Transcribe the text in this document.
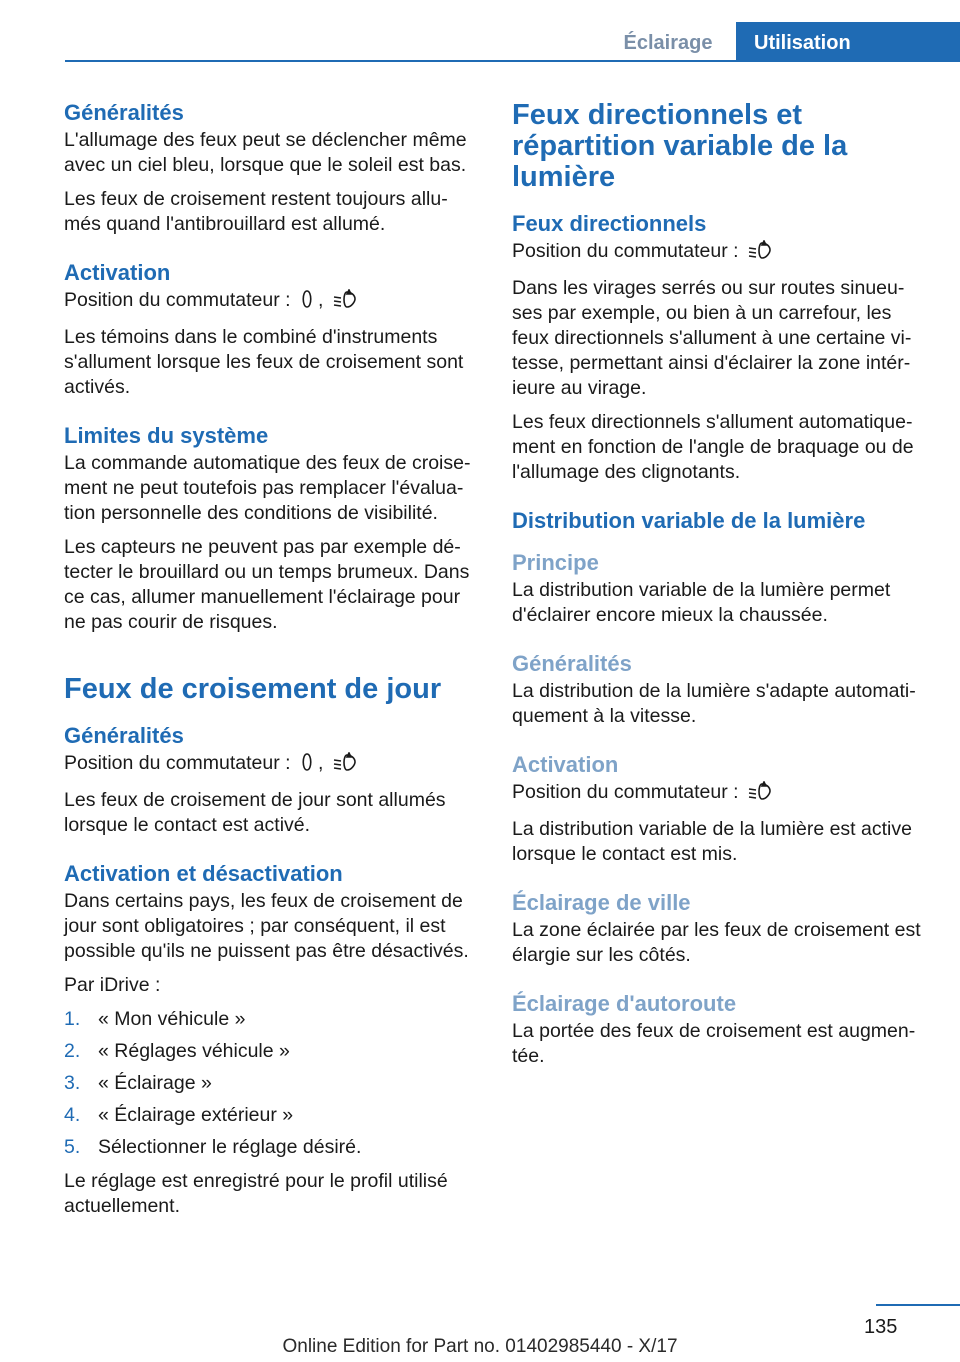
Éclairage	Utilisation
Généralités

L'allumage des feux peut se déclencher même avec un ciel bleu, lorsque que le soleil est bas.

Les feux de croisement restent toujours allu‐ més quand l'antibrouillard est allumé.

Activation

Position du commutateur : ,

Les témoins dans le combiné d'instruments s'allument lorsque les feux de croisement sont activés.

Limites du système

La commande automatique des feux de croise‐ ment ne peut toutefois pas remplacer l'évalua‐ tion personnelle des conditions de visibilité.

Les capteurs ne peuvent pas par exemple dé‐ tecter le brouillard ou un temps brumeux. Dans ce cas, allumer manuellement l'éclairage pour ne pas courir de risques.

Feux de croisement de jour
Généralités

Position du commutateur : ,

Les feux de croisement de jour sont allumés lorsque le contact est activé.

Activation et désactivation

Dans certains pays, les feux de croisement de jour sont obligatoires ; par conséquent, il est possible qu'ils ne puissent pas être désactivés.

Par iDrive :

1. « Mon véhicule »
2. « Réglages véhicule »
3. « Éclairage »
4. « Éclairage extérieur »
5. Sélectionner le réglage désiré.

Le réglage est enregistré pour le profil utilisé actuellement.

Feux directionnels et répartition variable de la lumière
Feux directionnels

Position du commutateur :

Dans les virages serrés ou sur routes sinueu‐ ses par exemple, ou bien à un carrefour, les feux directionnels s'allument à une certaine vi‐ tesse, permettant ainsi d'éclairer la zone intér‐ ieure au virage.

Les feux directionnels s'allument automatique‐ ment en fonction de l'angle de braquage ou de l'allumage des clignotants.

Distribution variable de la lumière
Principe

La distribution variable de la lumière permet d'éclairer encore mieux la chaussée.

Généralités

La distribution de la lumière s'adapte automati‐ quement à la vitesse.

Activation

Position du commutateur :

La distribution variable de la lumière est active lorsque le contact est mis.

Éclairage de ville

La zone éclairée par les feux de croisement est élargie sur les côtés.

Éclairage d'autoroute

La portée des feux de croisement est augmen‐ tée.

135
Online Edition for Part no. 01402985440 - X/17
